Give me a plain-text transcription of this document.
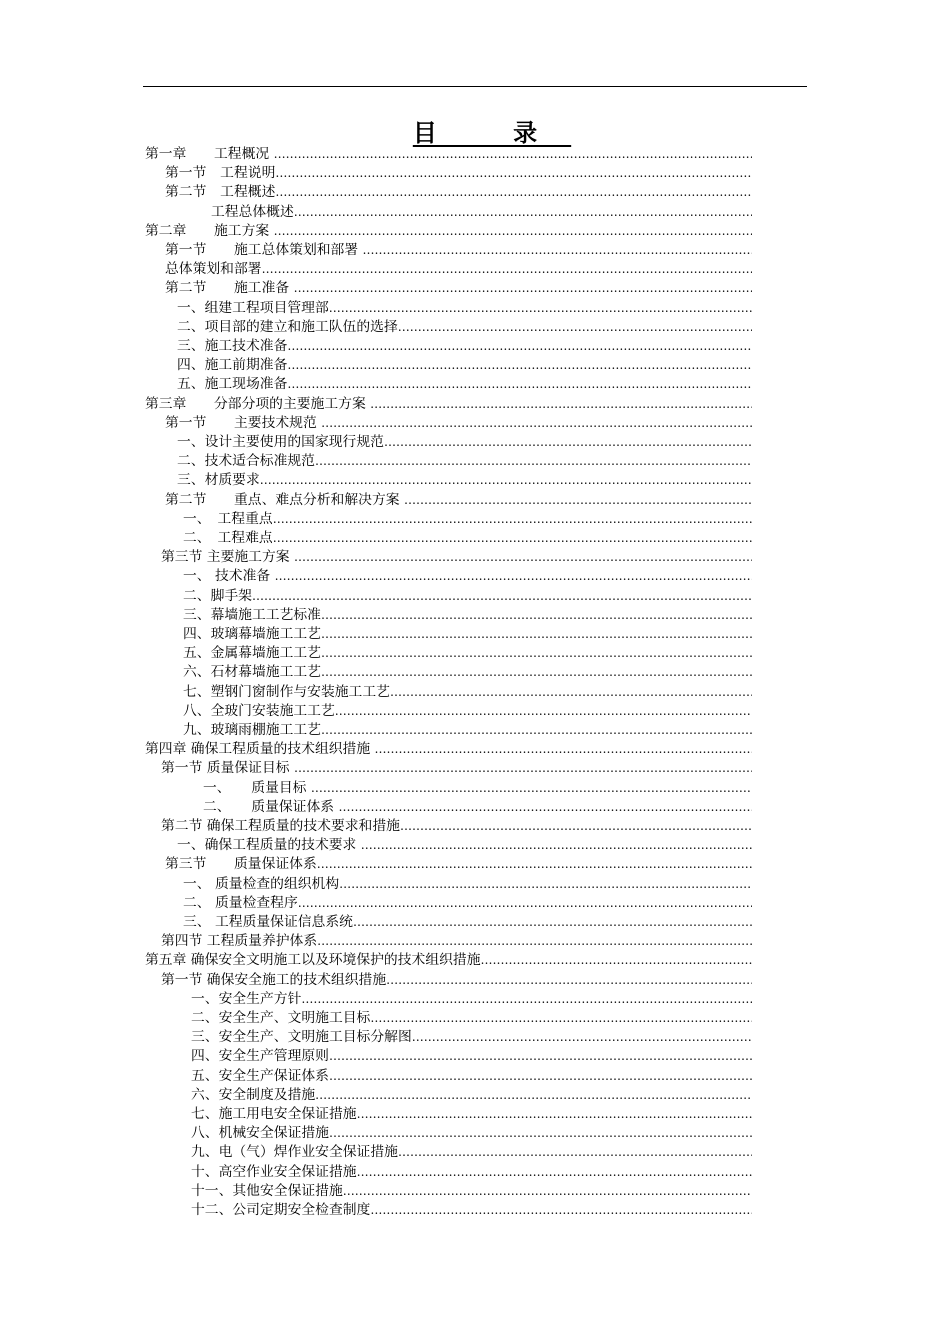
目 录
第一章　　工程概况
……………………………………………………………………………………………………………………………………………………………………………………………………………………………………
第一节　工程说明
……………………………………………………………………………………………………………………………………………………………………………………………………………………………………
第二节　工程概述
……………………………………………………………………………………………………………………………………………………………………………………………………………………………………
工程总体概述
……………………………………………………………………………………………………………………………………………………………………………………………………………………………………
第二章　　施工方案
……………………………………………………………………………………………………………………………………………………………………………………………………………………………………
第一节　　施工总体策划和部署
……………………………………………………………………………………………………………………………………………………………………………………………………………………………………
总体策划和部署
……………………………………………………………………………………………………………………………………………………………………………………………………………………………………
第二节　　施工准备
……………………………………………………………………………………………………………………………………………………………………………………………………………………………………
一、组建工程项目管理部
……………………………………………………………………………………………………………………………………………………………………………………………………………………………………
二、项目部的建立和施工队伍的选择
……………………………………………………………………………………………………………………………………………………………………………………………………………………………………
三、施工技术准备
……………………………………………………………………………………………………………………………………………………………………………………………………………………………………
四、施工前期准备
……………………………………………………………………………………………………………………………………………………………………………………………………………………………………
五、施工现场准备
……………………………………………………………………………………………………………………………………………………………………………………………………………………………………
第三章　　分部分项的主要施工方案
……………………………………………………………………………………………………………………………………………………………………………………………………………………………………
第一节　　主要技术规范
……………………………………………………………………………………………………………………………………………………………………………………………………………………………………
一、设计主要使用的国家现行规范
……………………………………………………………………………………………………………………………………………………………………………………………………………………………………
二、技术适合标准规范
……………………………………………………………………………………………………………………………………………………………………………………………………………………………………
三、材质要求
……………………………………………………………………………………………………………………………………………………………………………………………………………………………………
第二节　　重点、难点分析和解决方案
……………………………………………………………………………………………………………………………………………………………………………………………………………………………………
一、　工程重点
……………………………………………………………………………………………………………………………………………………………………………………………………………………………………
二、　工程难点
……………………………………………………………………………………………………………………………………………………………………………………………………………………………………
第三节 主要施工方案
……………………………………………………………………………………………………………………………………………………………………………………………………………………………………
一、 技术准备
……………………………………………………………………………………………………………………………………………………………………………………………………………………………………
二、脚手架
……………………………………………………………………………………………………………………………………………………………………………………………………………………………………
三、幕墙施工工艺标准
……………………………………………………………………………………………………………………………………………………………………………………………………………………………………
四、玻璃幕墙施工工艺
……………………………………………………………………………………………………………………………………………………………………………………………………………………………………
五、金属幕墙施工工艺
……………………………………………………………………………………………………………………………………………………………………………………………………………………………………
六、石材幕墙施工工艺
……………………………………………………………………………………………………………………………………………………………………………………………………………………………………
七、塑钢门窗制作与安装施工工艺
……………………………………………………………………………………………………………………………………………………………………………………………………………………………………
八、全玻门安装施工工艺
……………………………………………………………………………………………………………………………………………………………………………………………………………………………………
九、玻璃雨棚施工工艺
……………………………………………………………………………………………………………………………………………………………………………………………………………………………………
第四章 确保工程质量的技术组织措施
……………………………………………………………………………………………………………………………………………………………………………………………………………………………………
第一节 质量保证目标
……………………………………………………………………………………………………………………………………………………………………………………………………………………………………
一、　　质量目标
……………………………………………………………………………………………………………………………………………………………………………………………………………………………………
二、　　质量保证体系
……………………………………………………………………………………………………………………………………………………………………………………………………………………………………
第二节 确保工程质量的技术要求和措施
……………………………………………………………………………………………………………………………………………………………………………………………………………………………………
一、确保工程质量的技术要求
……………………………………………………………………………………………………………………………………………………………………………………………………………………………………
第三节　　质量保证体系
……………………………………………………………………………………………………………………………………………………………………………………………………………………………………
一、 质量检查的组织机构
……………………………………………………………………………………………………………………………………………………………………………………………………………………………………
二、 质量检查程序
……………………………………………………………………………………………………………………………………………………………………………………………………………………………………
三、 工程质量保证信息系统
……………………………………………………………………………………………………………………………………………………………………………………………………………………………………
第四节 工程质量养护体系
……………………………………………………………………………………………………………………………………………………………………………………………………………………………………
第五章 确保安全文明施工以及环境保护的技术组织措施
……………………………………………………………………………………………………………………………………………………………………………………………………………………………………
第一节 确保安全施工的技术组织措施
……………………………………………………………………………………………………………………………………………………………………………………………………………………………………
一、安全生产方针
……………………………………………………………………………………………………………………………………………………………………………………………………………………………………
二、安全生产、文明施工目标
……………………………………………………………………………………………………………………………………………………………………………………………………………………………………
三、安全生产、文明施工目标分解图
……………………………………………………………………………………………………………………………………………………………………………………………………………………………………
四、安全生产管理原则
……………………………………………………………………………………………………………………………………………………………………………………………………………………………………
五、安全生产保证体系
……………………………………………………………………………………………………………………………………………………………………………………………………………………………………
六、安全制度及措施
……………………………………………………………………………………………………………………………………………………………………………………………………………………………………
七、施工用电安全保证措施
……………………………………………………………………………………………………………………………………………………………………………………………………………………………………
八、机械安全保证措施
……………………………………………………………………………………………………………………………………………………………………………………………………………………………………
九、电（气）焊作业安全保证措施
……………………………………………………………………………………………………………………………………………………………………………………………………………………………………
十、高空作业安全保证措施
……………………………………………………………………………………………………………………………………………………………………………………………………………………………………
十一、其他安全保证措施
……………………………………………………………………………………………………………………………………………………………………………………………………………………………………
十二、公司定期安全检查制度
……………………………………………………………………………………………………………………………………………………………………………………………………………………………………
